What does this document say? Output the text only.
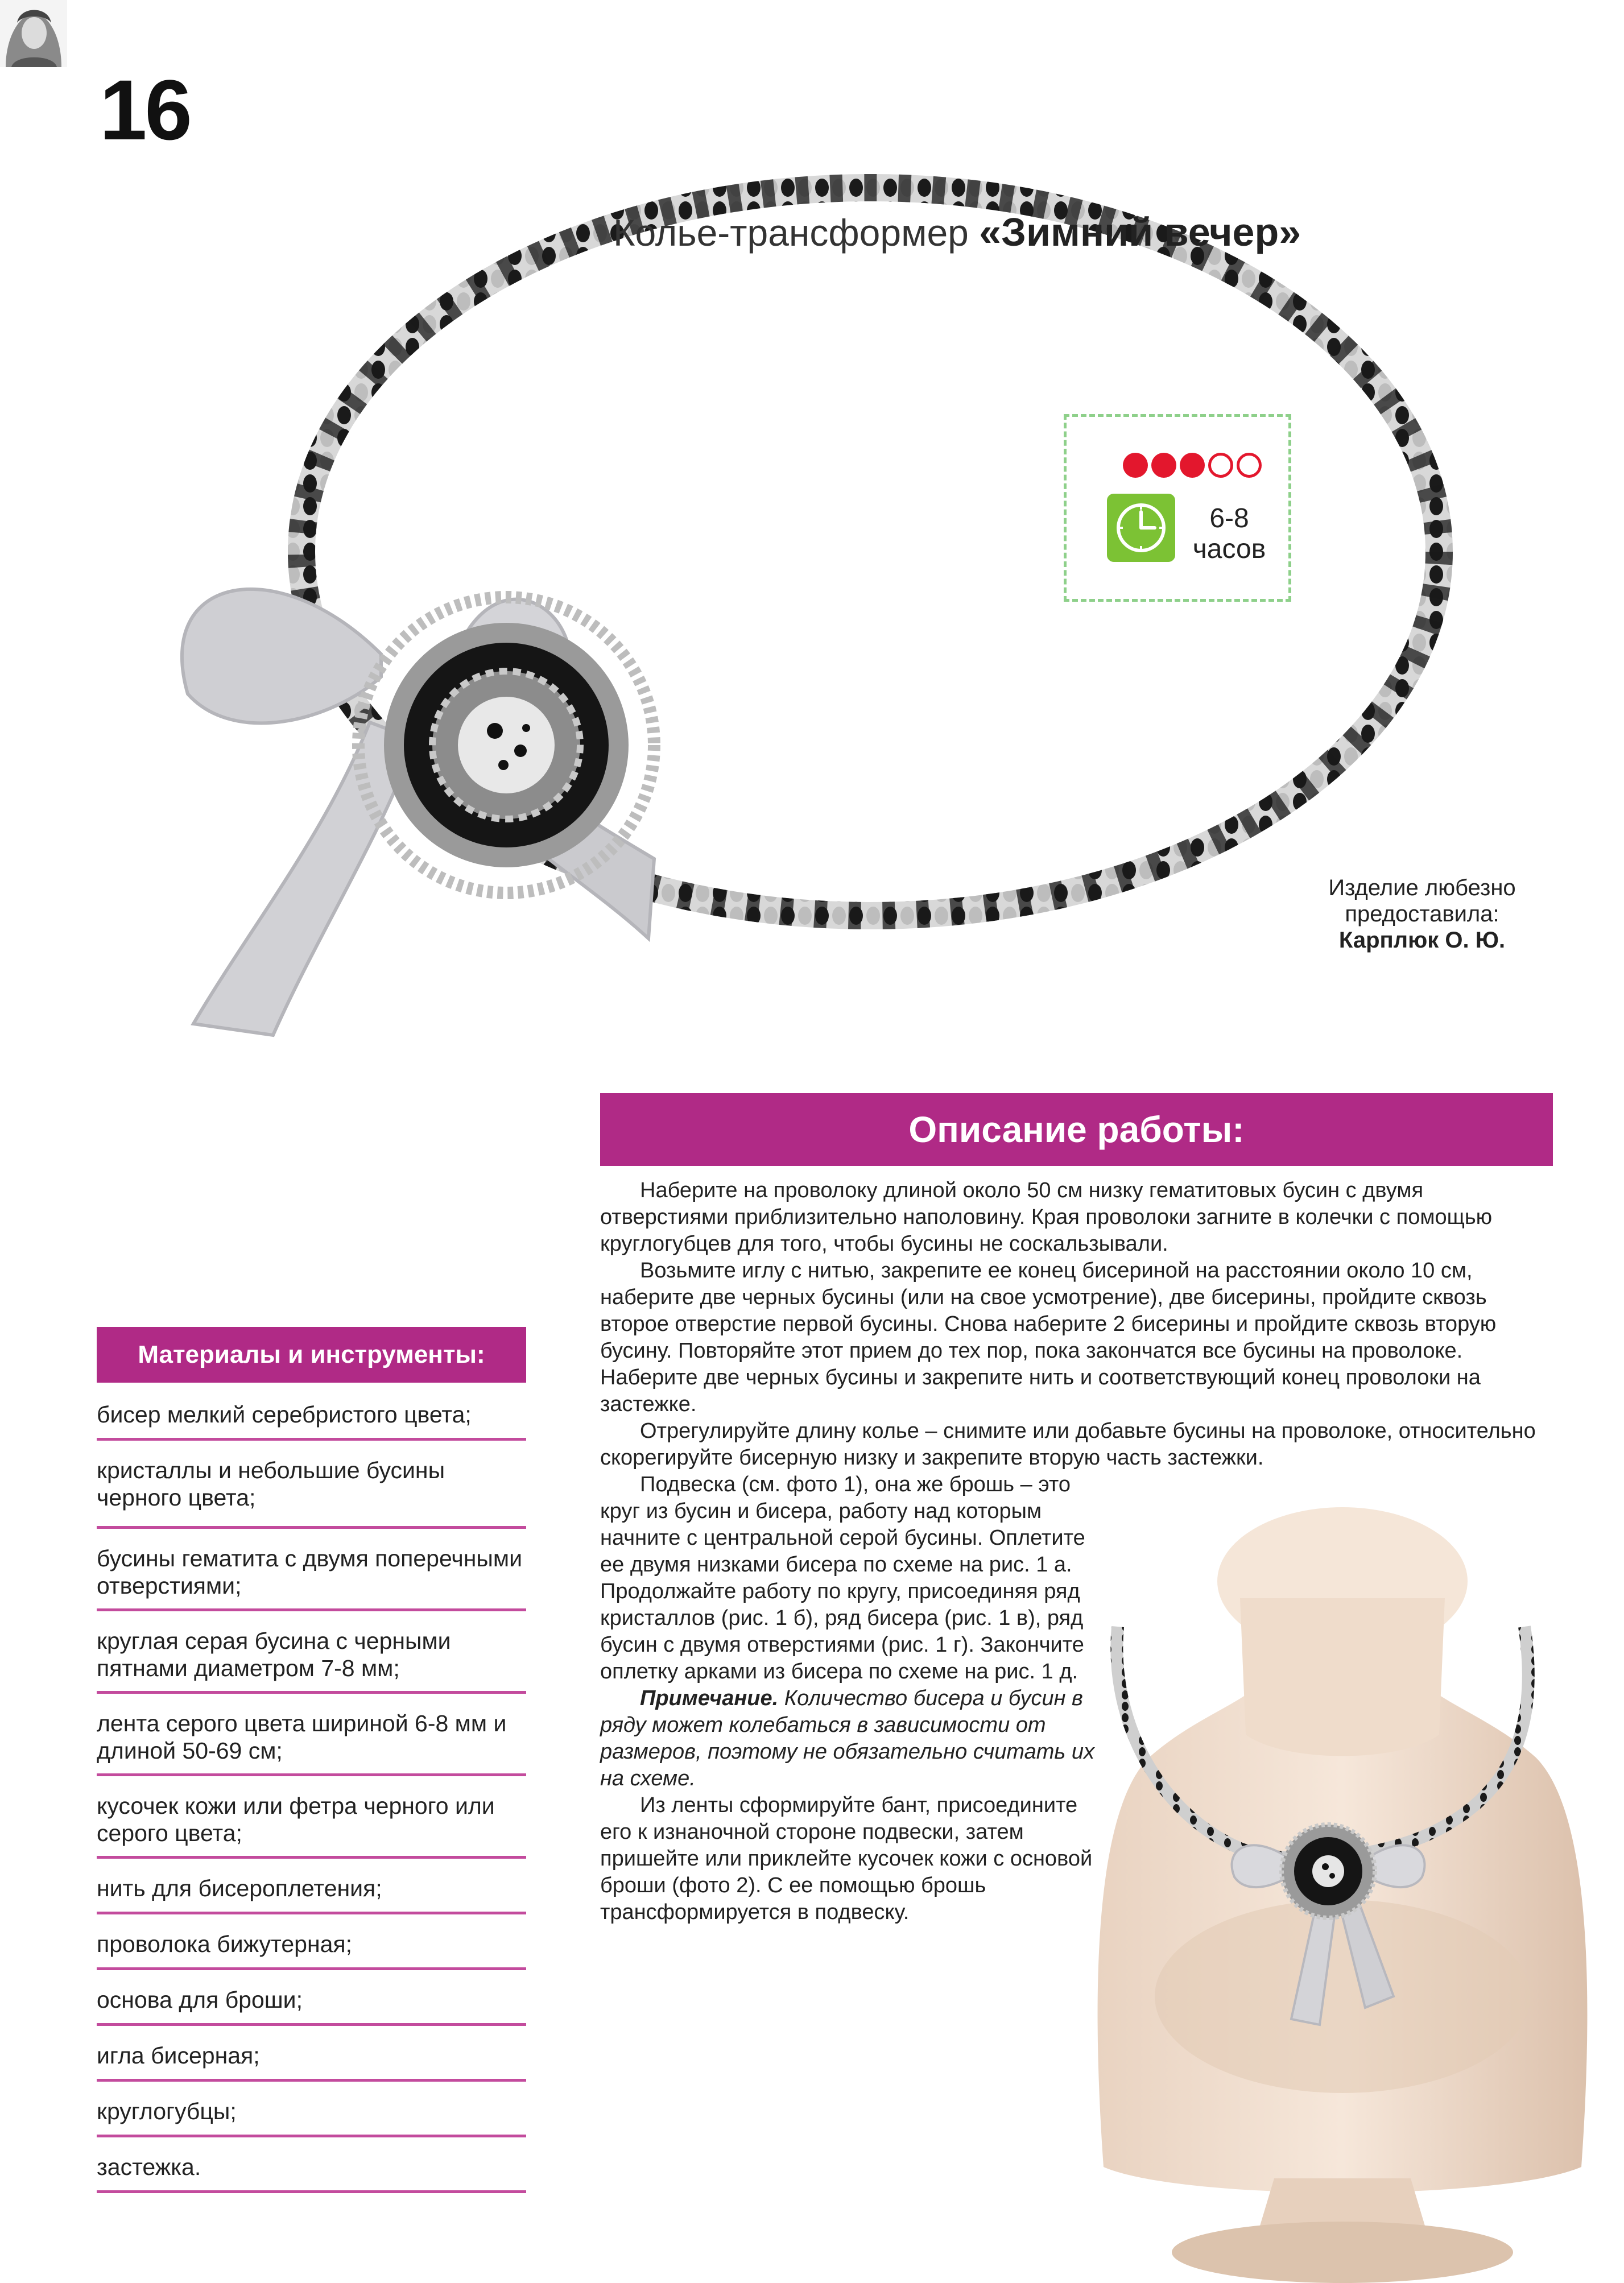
16
Колье-трансформер «Зимний вечер»
6-8
часов
Изделие любезно
предоставила:
Карплюк О. Ю.
Описание работы:

Наберите на проволоку длиной около 50 см низку гематитовых бусин с двумя отверстиями приблизительно наполовину. Края проволоки загните в колечки с помощью круглогубцев для того, чтобы бусины не соскальзывали.

Возьмите иглу с нитью, закрепите ее конец бисериной на расстоянии около 10 см, наберите две черных бусины (или на свое усмотрение), две бисерины, пройдите сквозь второе отверстие первой бусины. Снова наберите 2 бисерины и пройдите сквозь вторую бусину. Повторяйте этот прием до тех пор, пока закончатся все бусины на проволоке. Наберите две черных бусины и закрепите нить и соответствующий конец проволоки на застежке.

Отрегулируйте длину колье – снимите или добавьте бусины на проволоке, относительно скорегируйте бисерную низку и закрепите вторую часть застежки.

Подвеска (см. фото 1), она же брошь – это круг из бусин и бисера, работу над которым начните с центральной серой бусины. Оплетите ее двумя низками бисера по схеме на рис. 1 а. Продолжайте работу по кругу, присоединяя ряд кристаллов (рис. 1 б), ряд бисера (рис. 1 в), ряд бусин с двумя отверстиями (рис. 1 г). Закончите оплетку арками из бисера по схеме на рис. 1 д.

Примечание. Количество бисера и бусин в ряду может колебаться в зависимости от размеров, поэтому не обязательно считать их на схеме.

Из ленты сформируйте бант, присоедините его к изнаночной стороне подвески, затем пришейте или приклейте кусочек кожи с основой броши (фото 2). С ее помощью брошь трансформируется в подвеску.

Материалы и инструменты:
бисер мелкий серебристого цвета;
кристаллы и небольшие бусины черного цвета;
бусины гематита с двумя поперечными отверстиями;
круглая серая бусина с черными пятнами диаметром 7-8 мм;
лента серого цвета шириной 6-8 мм и длиной 50-69 см;
кусочек кожи или фетра черного или серого цвета;
нить для бисероплетения;
проволока бижутерная;
основа для броши;
игла бисерная;
круглогубцы;
застежка.
